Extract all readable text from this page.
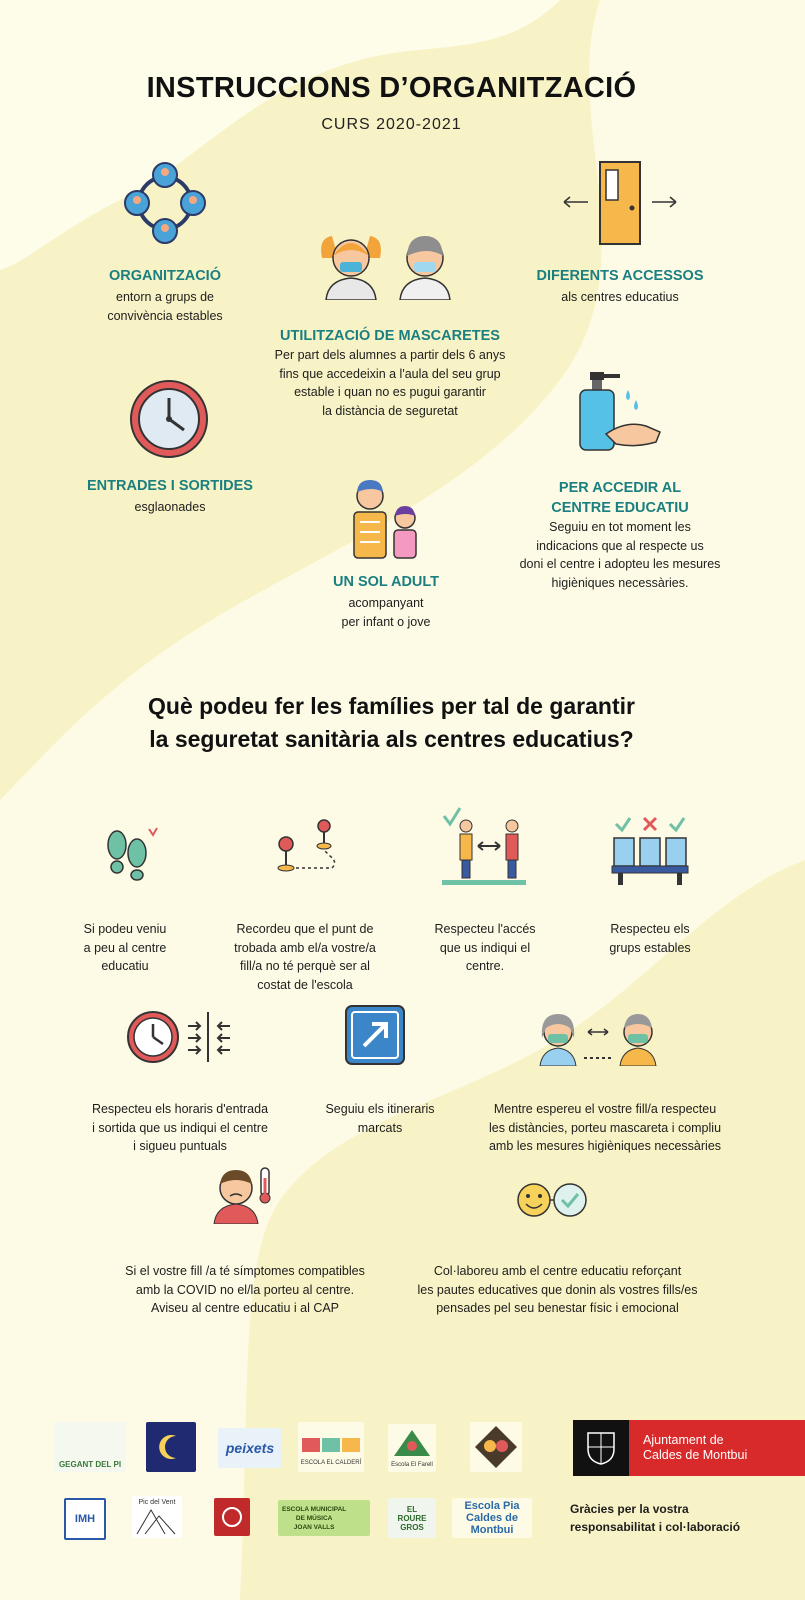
INSTRUCCIONS D’ORGANITZACIÓ
CURS 2020-2021
ORGANITZACIÓ
entorn a grups de
convivència estables
UTILITZACIÓ DE MASCARETES
Per part dels alumnes a partir dels 6 anys
fins que accedeixin a l'aula del seu grup
estable i quan no es pugui garantir
la distància de seguretat
DIFERENTS ACCESSOS
als centres educatius
ENTRADES I SORTIDES
esglaonades
UN SOL ADULT
acompanyant
per infant o jove
PER ACCEDIR AL
CENTRE EDUCATIU
Seguiu en tot moment les
indicacions que al respecte us
doni el centre i adopteu les mesures
higièniques necessàries.
Què podeu fer les famílies per tal de garantir
la seguretat sanitària als centres educatius?
Si podeu veniu
a peu al centre
educatiu
Recordeu que el punt de
trobada amb el/a vostre/a
fill/a no té perquè ser al
costat de l'escola
Respecteu l'accés
que us indiqui el
centre.
Respecteu els
grups estables
Respecteu els horaris d'entrada
i sortida que us indiqui el centre
i sigueu puntuals
Seguiu els itineraris
marcats
Mentre espereu el vostre fill/a respecteu
les distàncies, porteu mascareta i compliu
amb les mesures higièniques necessàries
Si el vostre fill /a té símptomes compatibles
amb la COVID no el/la porteu al centre.
Aviseu al centre educatiu i al CAP
Col·laboreu amb el centre educatiu reforçant
les pautes educatives que donin als vostres fills/es
pensades pel seu benestar físic i emocional
GEGANT DEL PI
peixets
ESCOLA EL CALDERÍ	Escola El Farell
Ajuntament de
Caldes de Montbui
IMH
Pic del Vent
ESCOLA MUNICIPAL
DE MÚSICA
JOAN VALLS
EL
ROURE
GROS
Escola Pia
Caldes de Montbui
Gràcies per la vostra
responsabilitat i col·laboració
